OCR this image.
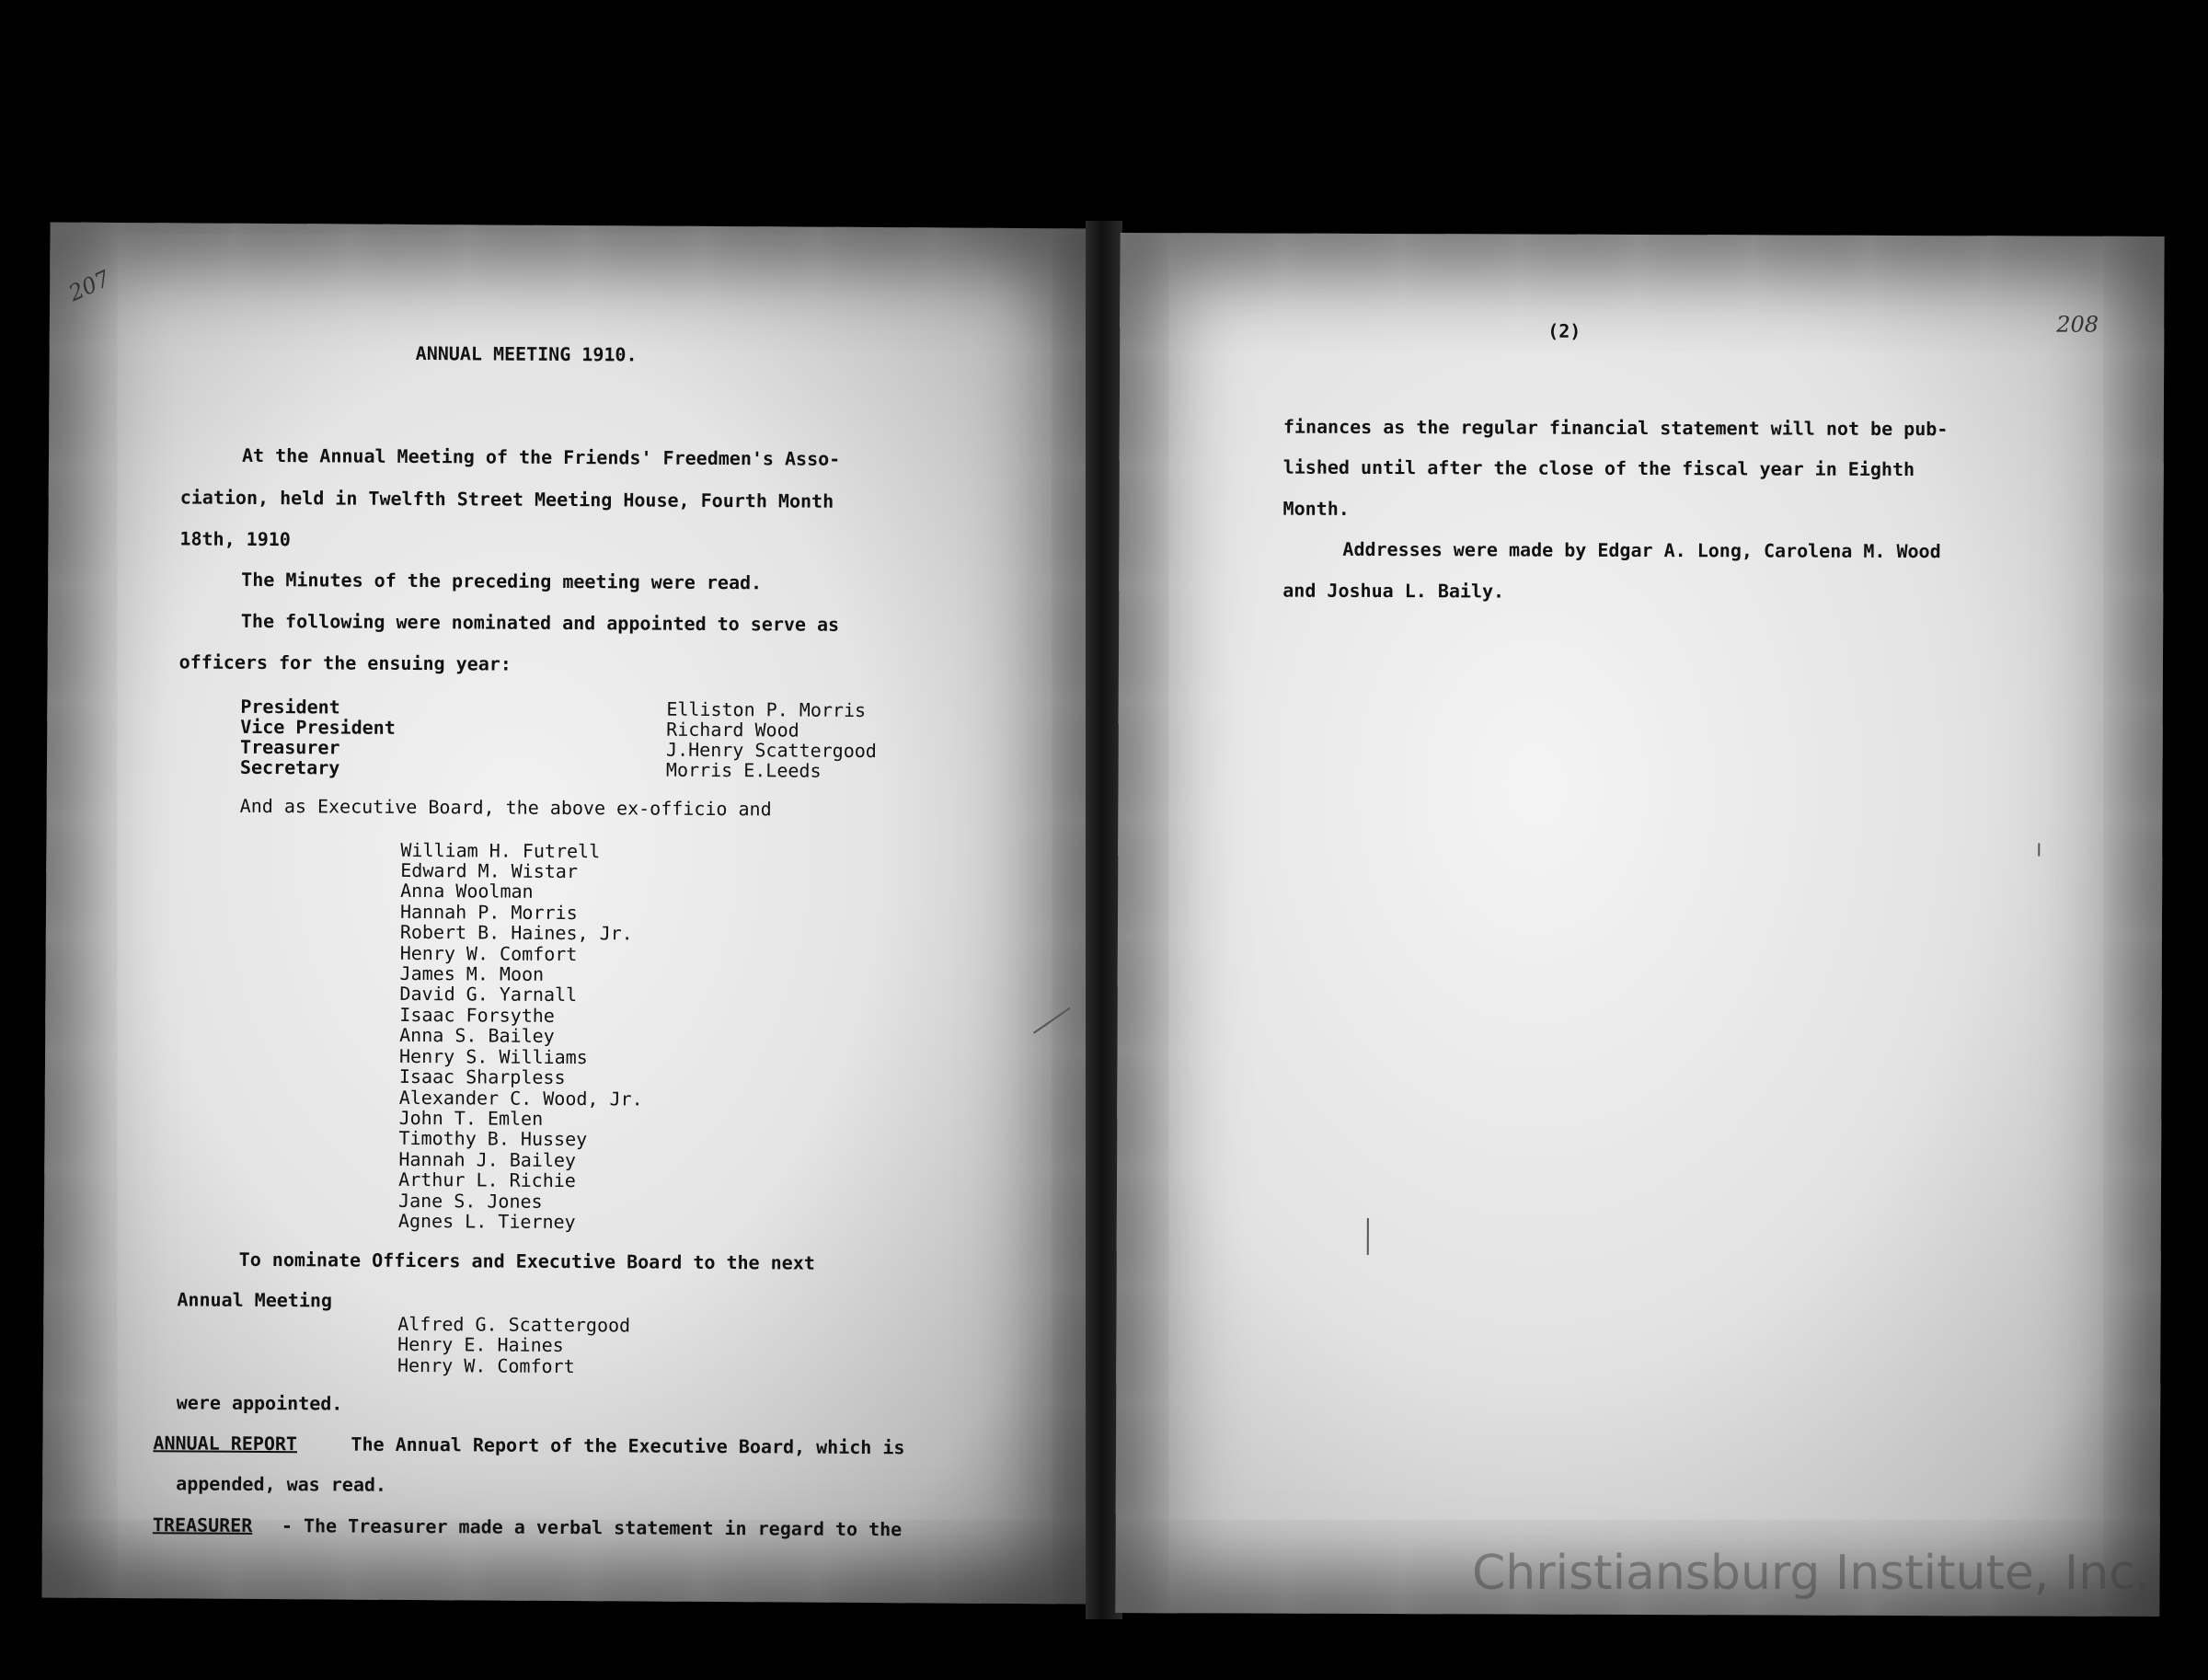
207
ANNUAL MEETING 1910.
At the Annual Meeting of the Friends' Freedmen's Asso-
ciation, held in Twelfth Street Meeting House, Fourth Month
18th, 1910
The Minutes of the preceding meeting were read.
The following were nominated and appointed to serve as
officers for the ensuing year:
President	Elliston P. Morris
Vice President	Richard Wood
Treasurer	J.Henry Scattergood
Secretary	Morris E.Leeds
And as Executive Board, the above ex-officio and
William H. Futrell
Edward M. Wistar
Anna Woolman
Hannah P. Morris
Robert B. Haines, Jr.
Henry W. Comfort
James M. Moon
David G. Yarnall
Isaac Forsythe
Anna S. Bailey
Henry S. Williams
Isaac Sharpless
Alexander C. Wood, Jr.
John T. Emlen
Timothy B. Hussey
Hannah J. Bailey
Arthur L. Richie
Jane S. Jones
Agnes L. Tierney
To nominate Officers and Executive Board to the next
Annual Meeting
Alfred G. Scattergood
Henry E. Haines
Henry W. Comfort
were appointed.
ANNUAL REPORT	The Annual Report of the Executive Board, which is
appended, was read.
TREASURER - The Treasurer made a verbal statement in regard to the
(2)	208
finances as the regular financial statement will not be pub-
lished until after the close of the fiscal year in Eighth
Month.
Addresses were made by Edgar A. Long, Carolena M. Wood
and Joshua L. Baily.
Christiansburg Institute, Inc.
